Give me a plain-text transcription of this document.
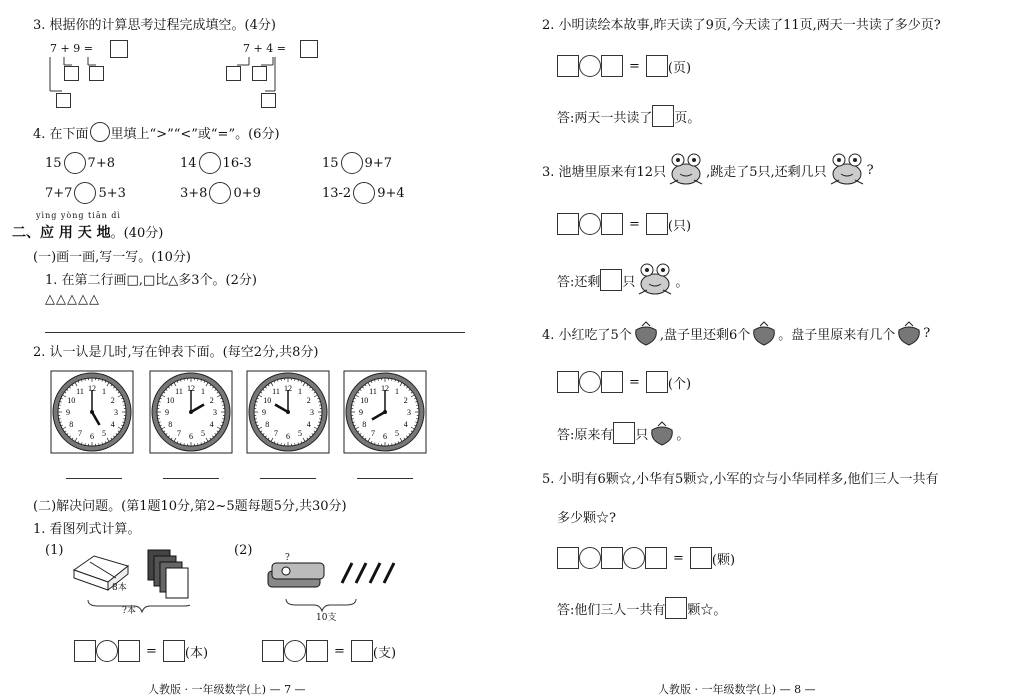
3. 根据你的计算思考过程完成填空。(4分)
7 + 9 =	7 + 4 =
4. 在下面 里填上“>”“<”或“=”。(6分)
15 7+8	14 16-3	15 9+7
7+7 5+3	3+8 0+9	13-2 9+4
yìng yòng tiān dì
二、应 用 天 地。(40分)
(一)画一画,写一写。(10分)
1. 在第二行画□,□比△多3个。(2分)
△△△△△
2. 认一认是几时,写在钟表下面。(每空2分,共8分)
12 1
2
3
4
5
6
7
8
9
10
11	12 1
2
3
4
5
6
7
8
9
10
11	12 1
2
3
4
5
6
7
8
9
10
11	12 1
2
3
4
5
6
7
8
9
10
11
(二)解决问题。(第1题10分,第2~5题每题5分,共30分)
1. 看图列式计算。
(1)
8本
?本
(2)	?
10支
= (本)	= (支)
人教版 · 一年级数学(上) — 7 —
2. 小明读绘本故事,昨天读了9页,今天读了11页,两天一共读了多少页?
= (页)
答:两天一共读了 页。
3. 池塘里原来有12只	,跳走了5只,还剩几只	?
= (只)
答:还剩 只	。
4. 小红吃了5个 ,盘子里还剩6个 。盘子里原来有几个 ?
= (个)
答:原来有 只 。
5. 小明有6颗☆,小华有5颗☆,小军的☆与小华同样多,他们三人一共有
多少颗☆?
= (颗)
答:他们三人一共有 颗☆。
人教版 · 一年级数学(上) — 8 —
